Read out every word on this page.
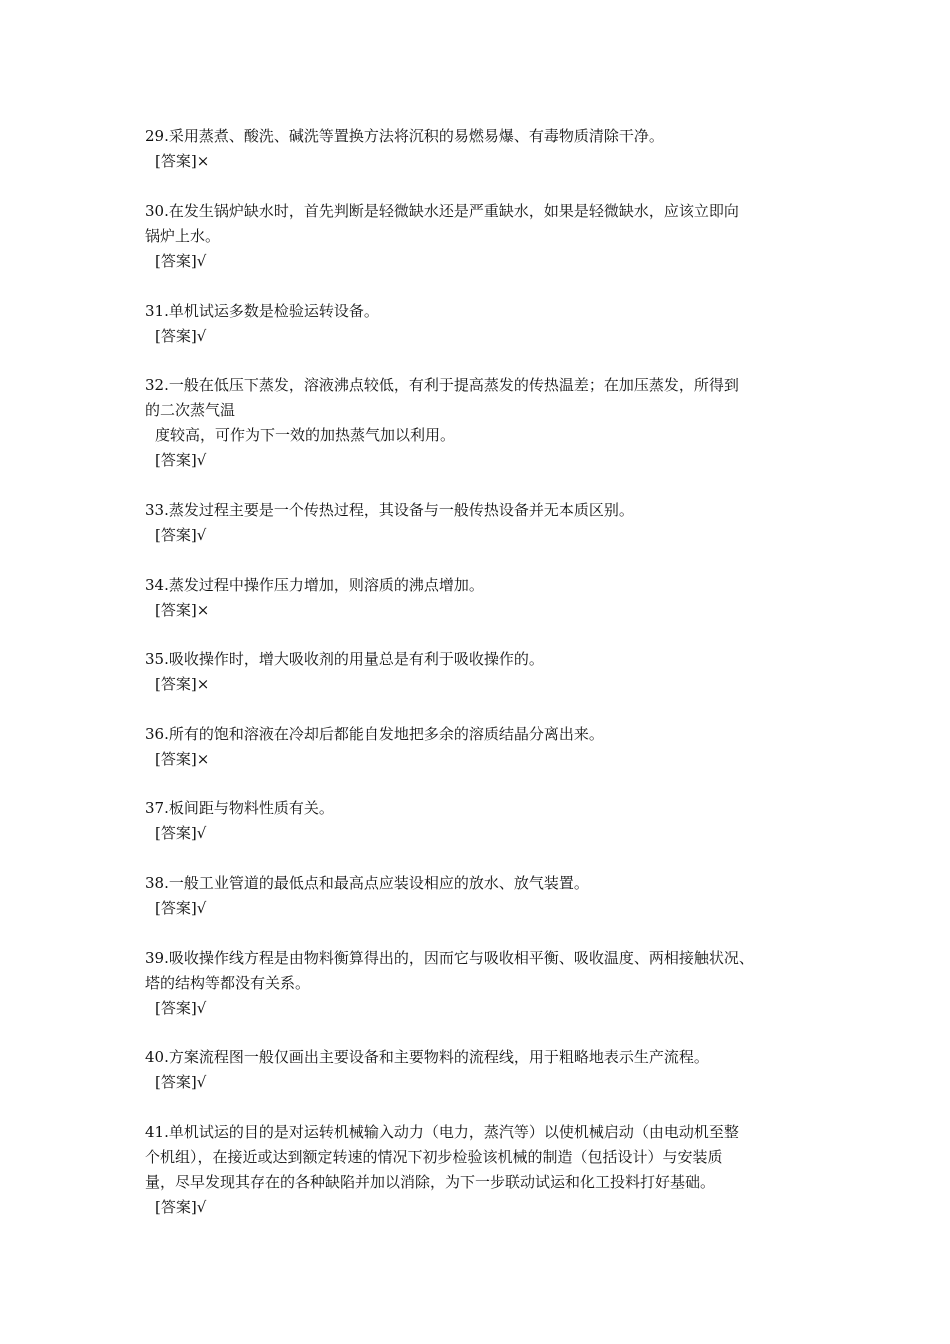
29.采用蒸煮、酸洗、碱洗等置换方法将沉积的易燃易爆、有毒物质清除干净。
[答案]×
30.在发生锅炉缺水时，首先判断是轻微缺水还是严重缺水，如果是轻微缺水，应该立即向
锅炉上水。
[答案]√
31.单机试运多数是检验运转设备。
[答案]√
32.一般在低压下蒸发，溶液沸点较低，有利于提高蒸发的传热温差；在加压蒸发，所得到
的二次蒸气温
度较高，可作为下一效的加热蒸气加以利用。
[答案]√
33.蒸发过程主要是一个传热过程，其设备与一般传热设备并无本质区别。
[答案]√
34.蒸发过程中操作压力增加，则溶质的沸点增加。
[答案]×
35.吸收操作时，增大吸收剂的用量总是有利于吸收操作的。
[答案]×
36.所有的饱和溶液在冷却后都能自发地把多余的溶质结晶分离出来。
[答案]×
37.板间距与物料性质有关。
[答案]√
38.一般工业管道的最低点和最高点应装设相应的放水、放气装置。
[答案]√
39.吸收操作线方程是由物料衡算得出的，因而它与吸收相平衡、吸收温度、两相接触状况、
塔的结构等都没有关系。
[答案]√
40.方案流程图一般仅画出主要设备和主要物料的流程线，用于粗略地表示生产流程。
[答案]√
41.单机试运的目的是对运转机械输入动力（电力，蒸汽等）以使机械启动（由电动机至整
个机组），在接近或达到额定转速的情况下初步检验该机械的制造（包括设计）与安装质
量，尽早发现其存在的各种缺陷并加以消除，为下一步联动试运和化工投料打好基础。
[答案]√
